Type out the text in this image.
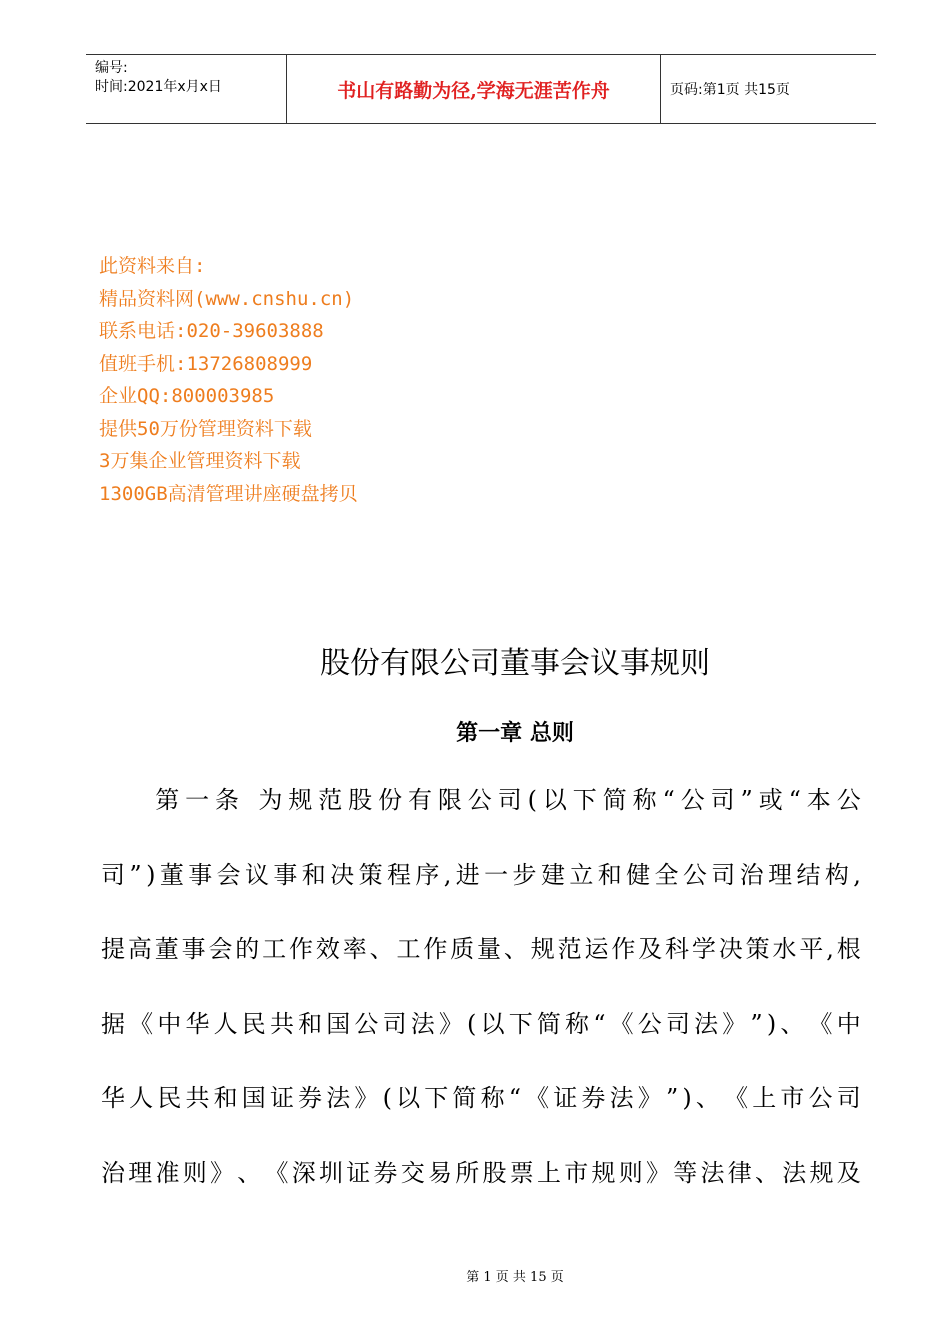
编号:
时间:2021年x月x日	书山有路勤为径,学海无涯苦作舟	页码:第1页 共15页
此资料来自:
精品资料网(www.cnshu.cn)
联系电话:020-39603888
值班手机:13726808999
企业QQ:800003985
提供50万份管理资料下载
3万集企业管理资料下载
1300GB高清管理讲座硬盘拷贝
股份有限公司董事会议事规则
第一章 总则

第 一 条
为 规 范 股 份 有 限 公 司 ( 以 下 简 称 “ 公 司 ” 或 “ 本 公
司 ” ) 董 事 会 议 事 和 决 策 程 序 , 进 一 步 建 立 和 健 全 公 司 治 理 结 构 ,
提 高 董 事 会 的 工 作 效 率 、 工 作 质 量 、 规 范 运 作 及 科 学 决 策 水 平 , 根
据 《 中 华 人 民 共 和 国 公 司 法 》 ( 以 下 简 称 “ 《 公 司 法 》 ” ) 、 《 中
华 人 民 共 和 国 证 券 法 》 ( 以 下 简 称 “ 《 证 券 法 》 ” ) 、 《 上 市 公 司
治 理 准 则 》 、 《 深 圳 证 券 交 易 所 股 票 上 市 规 则 》 等 法 律 、 法 规 及
第 1 页 共 15 页
